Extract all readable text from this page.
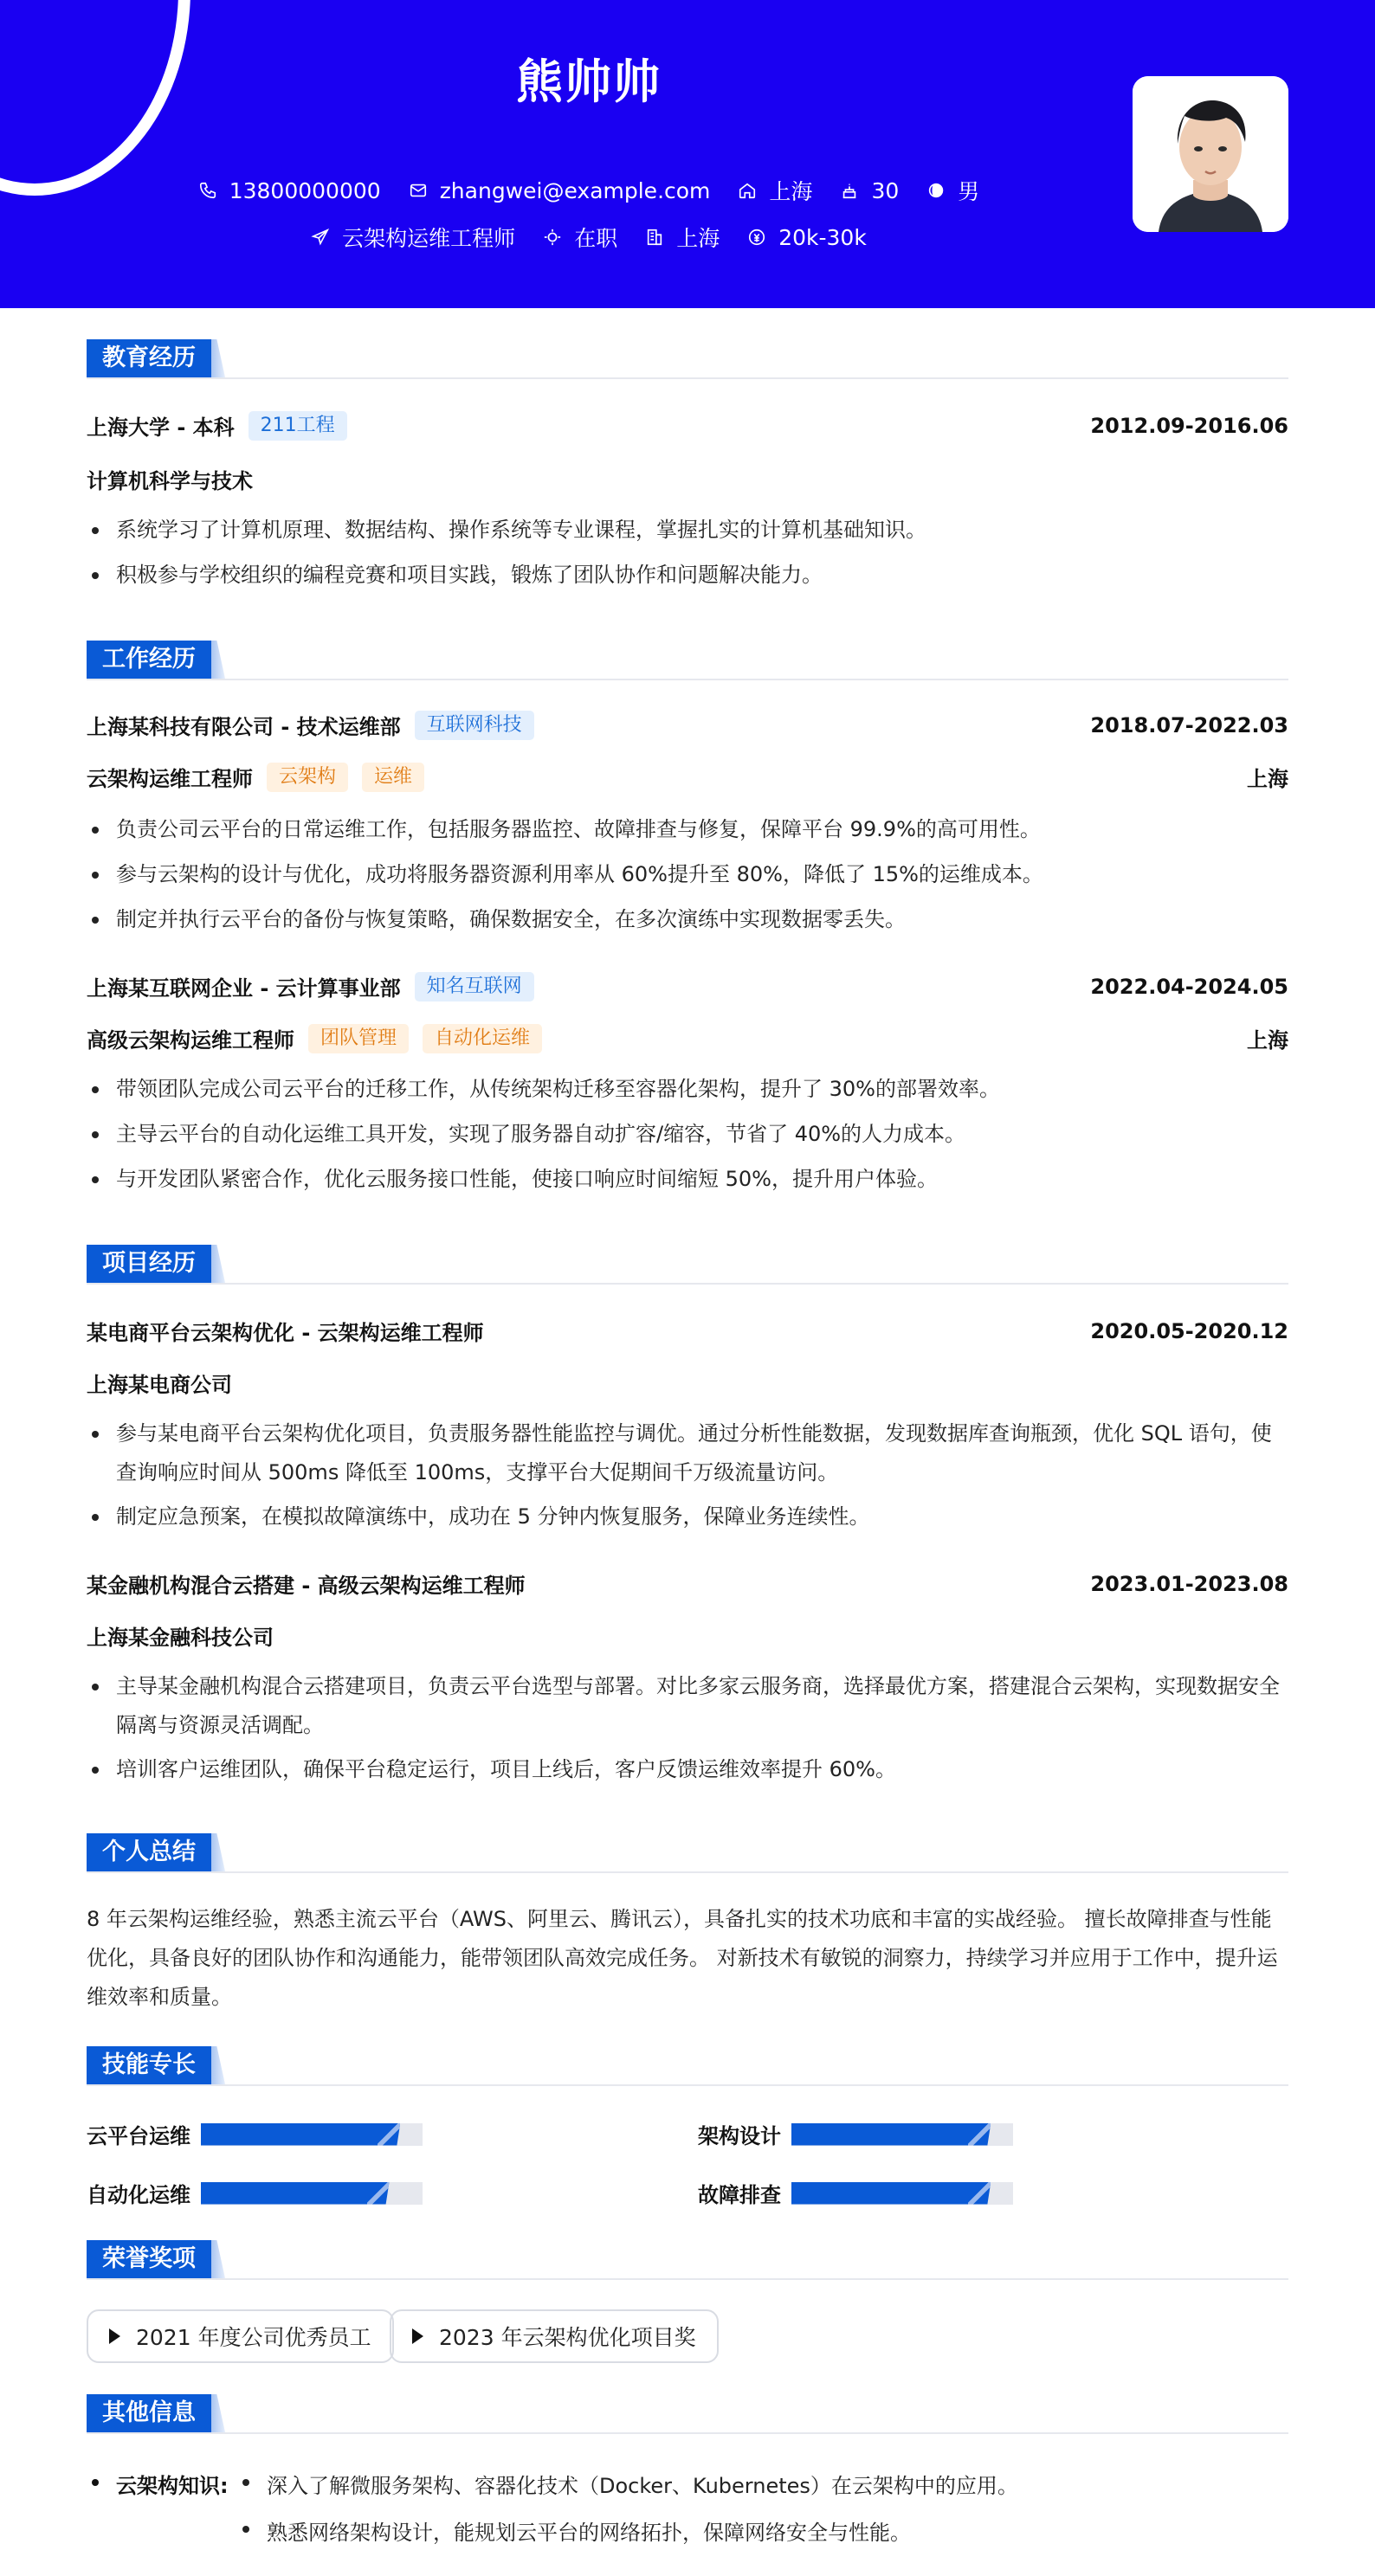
熊帅帅
13800000000	zhangwei@example.com	上海	30	男
云架构运维工程师	在职	上海	20k-30k
教育经历
上海大学 - 本科	211工程	2012.09-2016.06
计算机科学与技术
系统学习了计算机原理、数据结构、操作系统等专业课程，掌握扎实的计算机基础知识。
积极参与学校组织的编程竞赛和项目实践，锻炼了团队协作和问题解决能力。
工作经历
上海某科技有限公司 - 技术运维部	互联网科技	2018.07-2022.03
云架构运维工程师	云架构	运维	上海
负责公司云平台的日常运维工作，包括服务器监控、故障排查与修复，保障平台 99.9%的高可用性。
参与云架构的设计与优化，成功将服务器资源利用率从 60%提升至 80%，降低了 15%的运维成本。
制定并执行云平台的备份与恢复策略，确保数据安全，在多次演练中实现数据零丢失。
上海某互联网企业 - 云计算事业部	知名互联网	2022.04-2024.05
高级云架构运维工程师	团队管理	自动化运维	上海
带领团队完成公司云平台的迁移工作，从传统架构迁移至容器化架构，提升了 30%的部署效率。
主导云平台的自动化运维工具开发，实现了服务器自动扩容/缩容，节省了 40%的人力成本。
与开发团队紧密合作，优化云服务接口性能，使接口响应时间缩短 50%，提升用户体验。
项目经历
某电商平台云架构优化 - 云架构运维工程师	2020.05-2020.12
上海某电商公司
参与某电商平台云架构优化项目，负责服务器性能监控与调优。通过分析性能数据，发现数据库查询瓶颈，优化 SQL 语句，使查询响应时间从 500ms 降低至 100ms，支撑平台大促期间千万级流量访问。
制定应急预案，在模拟故障演练中，成功在 5 分钟内恢复服务，保障业务连续性。
某金融机构混合云搭建 - 高级云架构运维工程师	2023.01-2023.08
上海某金融科技公司
主导某金融机构混合云搭建项目，负责云平台选型与部署。对比多家云服务商，选择最优方案，搭建混合云架构，实现数据安全隔离与资源灵活调配。
培训客户运维团队，确保平台稳定运行，项目上线后，客户反馈运维效率提升 60%。
个人总结
8 年云架构运维经验，熟悉主流云平台（AWS、阿里云、腾讯云），具备扎实的技术功底和丰富的实战经验。 擅长故障排查与性能优化，具备良好的团队协作和沟通能力，能带领团队高效完成任务。 对新技术有敏锐的洞察力，持续学习并应用于工作中，提升运维效率和质量。
技能专长
云平台运维	架构设计
自动化运维	故障排查
荣誉奖项
2021 年度公司优秀员工	2023 年云架构优化项目奖
其他信息
云架构知识:	深入了解微服务架构、容器化技术（Docker、Kubernetes）在云架构中的应用。
熟悉网络架构设计，能规划云平台的网络拓扑，保障网络安全与性能。
